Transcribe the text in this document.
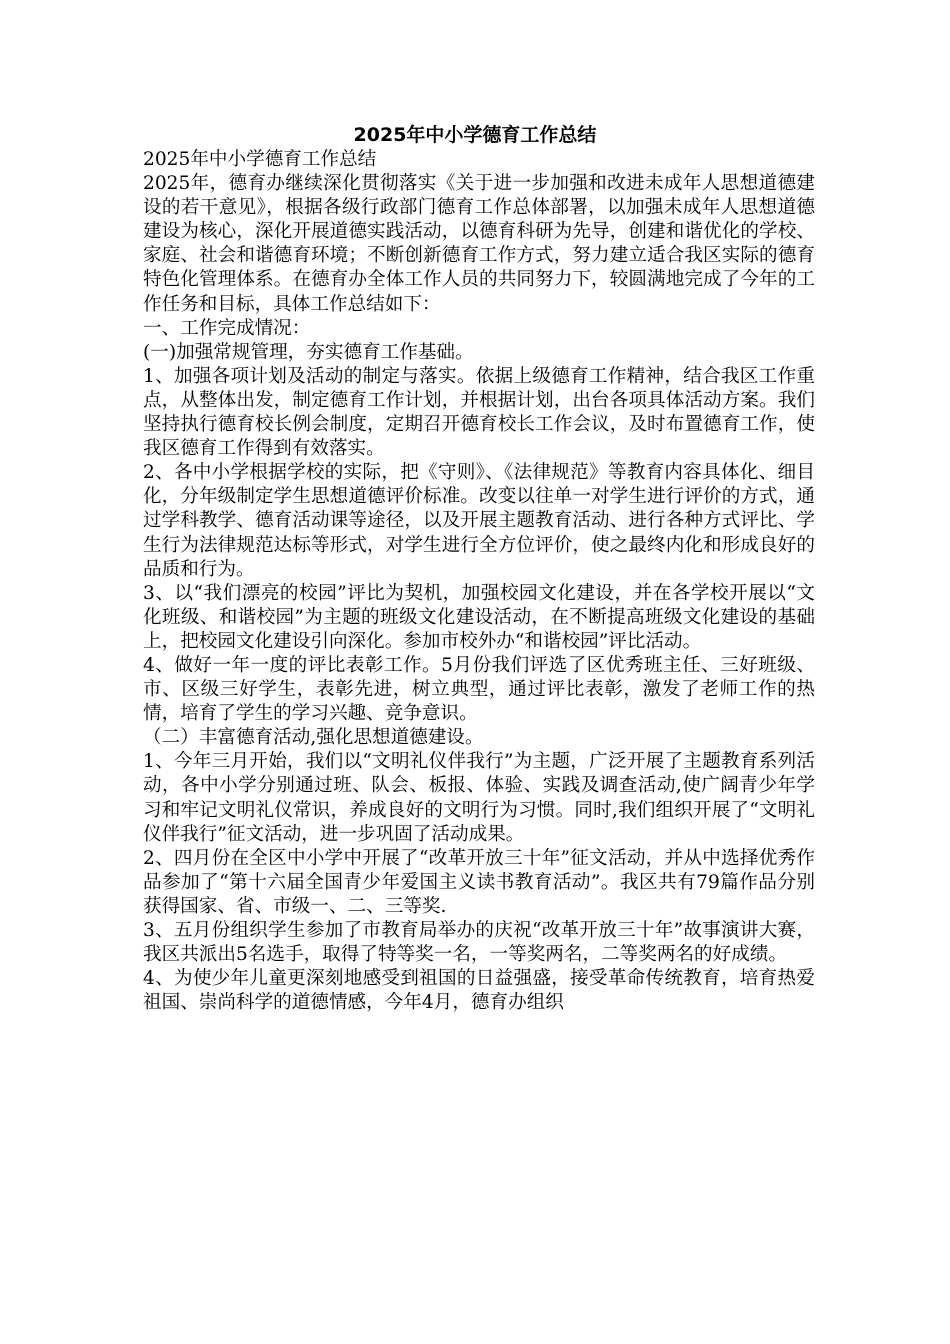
2025年中小学德育工作总结

2025年中小学德育工作总结

2025年，德育办继续深化贯彻落实《关于进一步加强和改进未成年人思想道德建设的若干意见》，根据各级行政部门德育工作总体部署，以加强未成年人思想道德建设为核心，深化开展道德实践活动，以德育科研为先导，创建和谐优化的学校、家庭、社会和谐德育环境；不断创新德育工作方式，努力建立适合我区实际的德育特色化管理体系。在德育办全体工作人员的共同努力下，较圆满地完成了今年的工作任务和目标，具体工作总结如下：

一、工作完成情况：

(一)加强常规管理，夯实德育工作基础。

1、加强各项计划及活动的制定与落实。依据上级德育工作精神，结合我区工作重点，从整体出发，制定德育工作计划，并根据计划，出台各项具体活动方案。我们坚持执行德育校长例会制度，定期召开德育校长工作会议，及时布置德育工作，使我区德育工作得到有效落实。

2、各中小学根据学校的实际，把《守则》、《法律规范》等教育内容具体化、细目化，分年级制定学生思想道德评价标准。改变以往单一对学生进行评价的方式，通过学科教学、德育活动课等途径，以及开展主题教育活动、进行各种方式评比、学生行为法律规范达标等形式，对学生进行全方位评价，使之最终内化和形成良好的品质和行为。

3、以“我们漂亮的校园”评比为契机，加强校园文化建设，并在各学校开展以“文化班级、和谐校园”为主题的班级文化建设活动，在不断提高班级文化建设的基础上，把校园文化建设引向深化。参加市校外办“和谐校园”评比活动。

4、做好一年一度的评比表彰工作。5月份我们评选了区优秀班主任、三好班级、市、区级三好学生，表彰先进，树立典型，通过评比表彰，激发了老师工作的热情，培育了学生的学习兴趣、竞争意识。

（二）丰富德育活动,强化思想道德建设。

1、今年三月开始，我们以“文明礼仪伴我行”为主题，广泛开展了主题教育系列活动，各中小学分别通过班、队会、板报、体验、实践及调查活动,使广阔青少年学习和牢记文明礼仪常识，养成良好的文明行为习惯。同时,我们组织开展了“文明礼仪伴我行”征文活动，进一步巩固了活动成果。

2、四月份在全区中小学中开展了“改革开放三十年”征文活动，并从中选择优秀作品参加了“第十六届全国青少年爱国主义读书教育活动”。我区共有79篇作品分别获得国家、省、市级一、二、三等奖.

3、五月份组织学生参加了市教育局举办的庆祝“改革开放三十年”故事演讲大赛，我区共派出5名选手，取得了特等奖一名，一等奖两名，二等奖两名的好成绩。

4、为使少年儿童更深刻地感受到祖国的日益强盛，接受革命传统教育，培育热爱祖国、崇尚科学的道德情感，今年4月，德育办组织
